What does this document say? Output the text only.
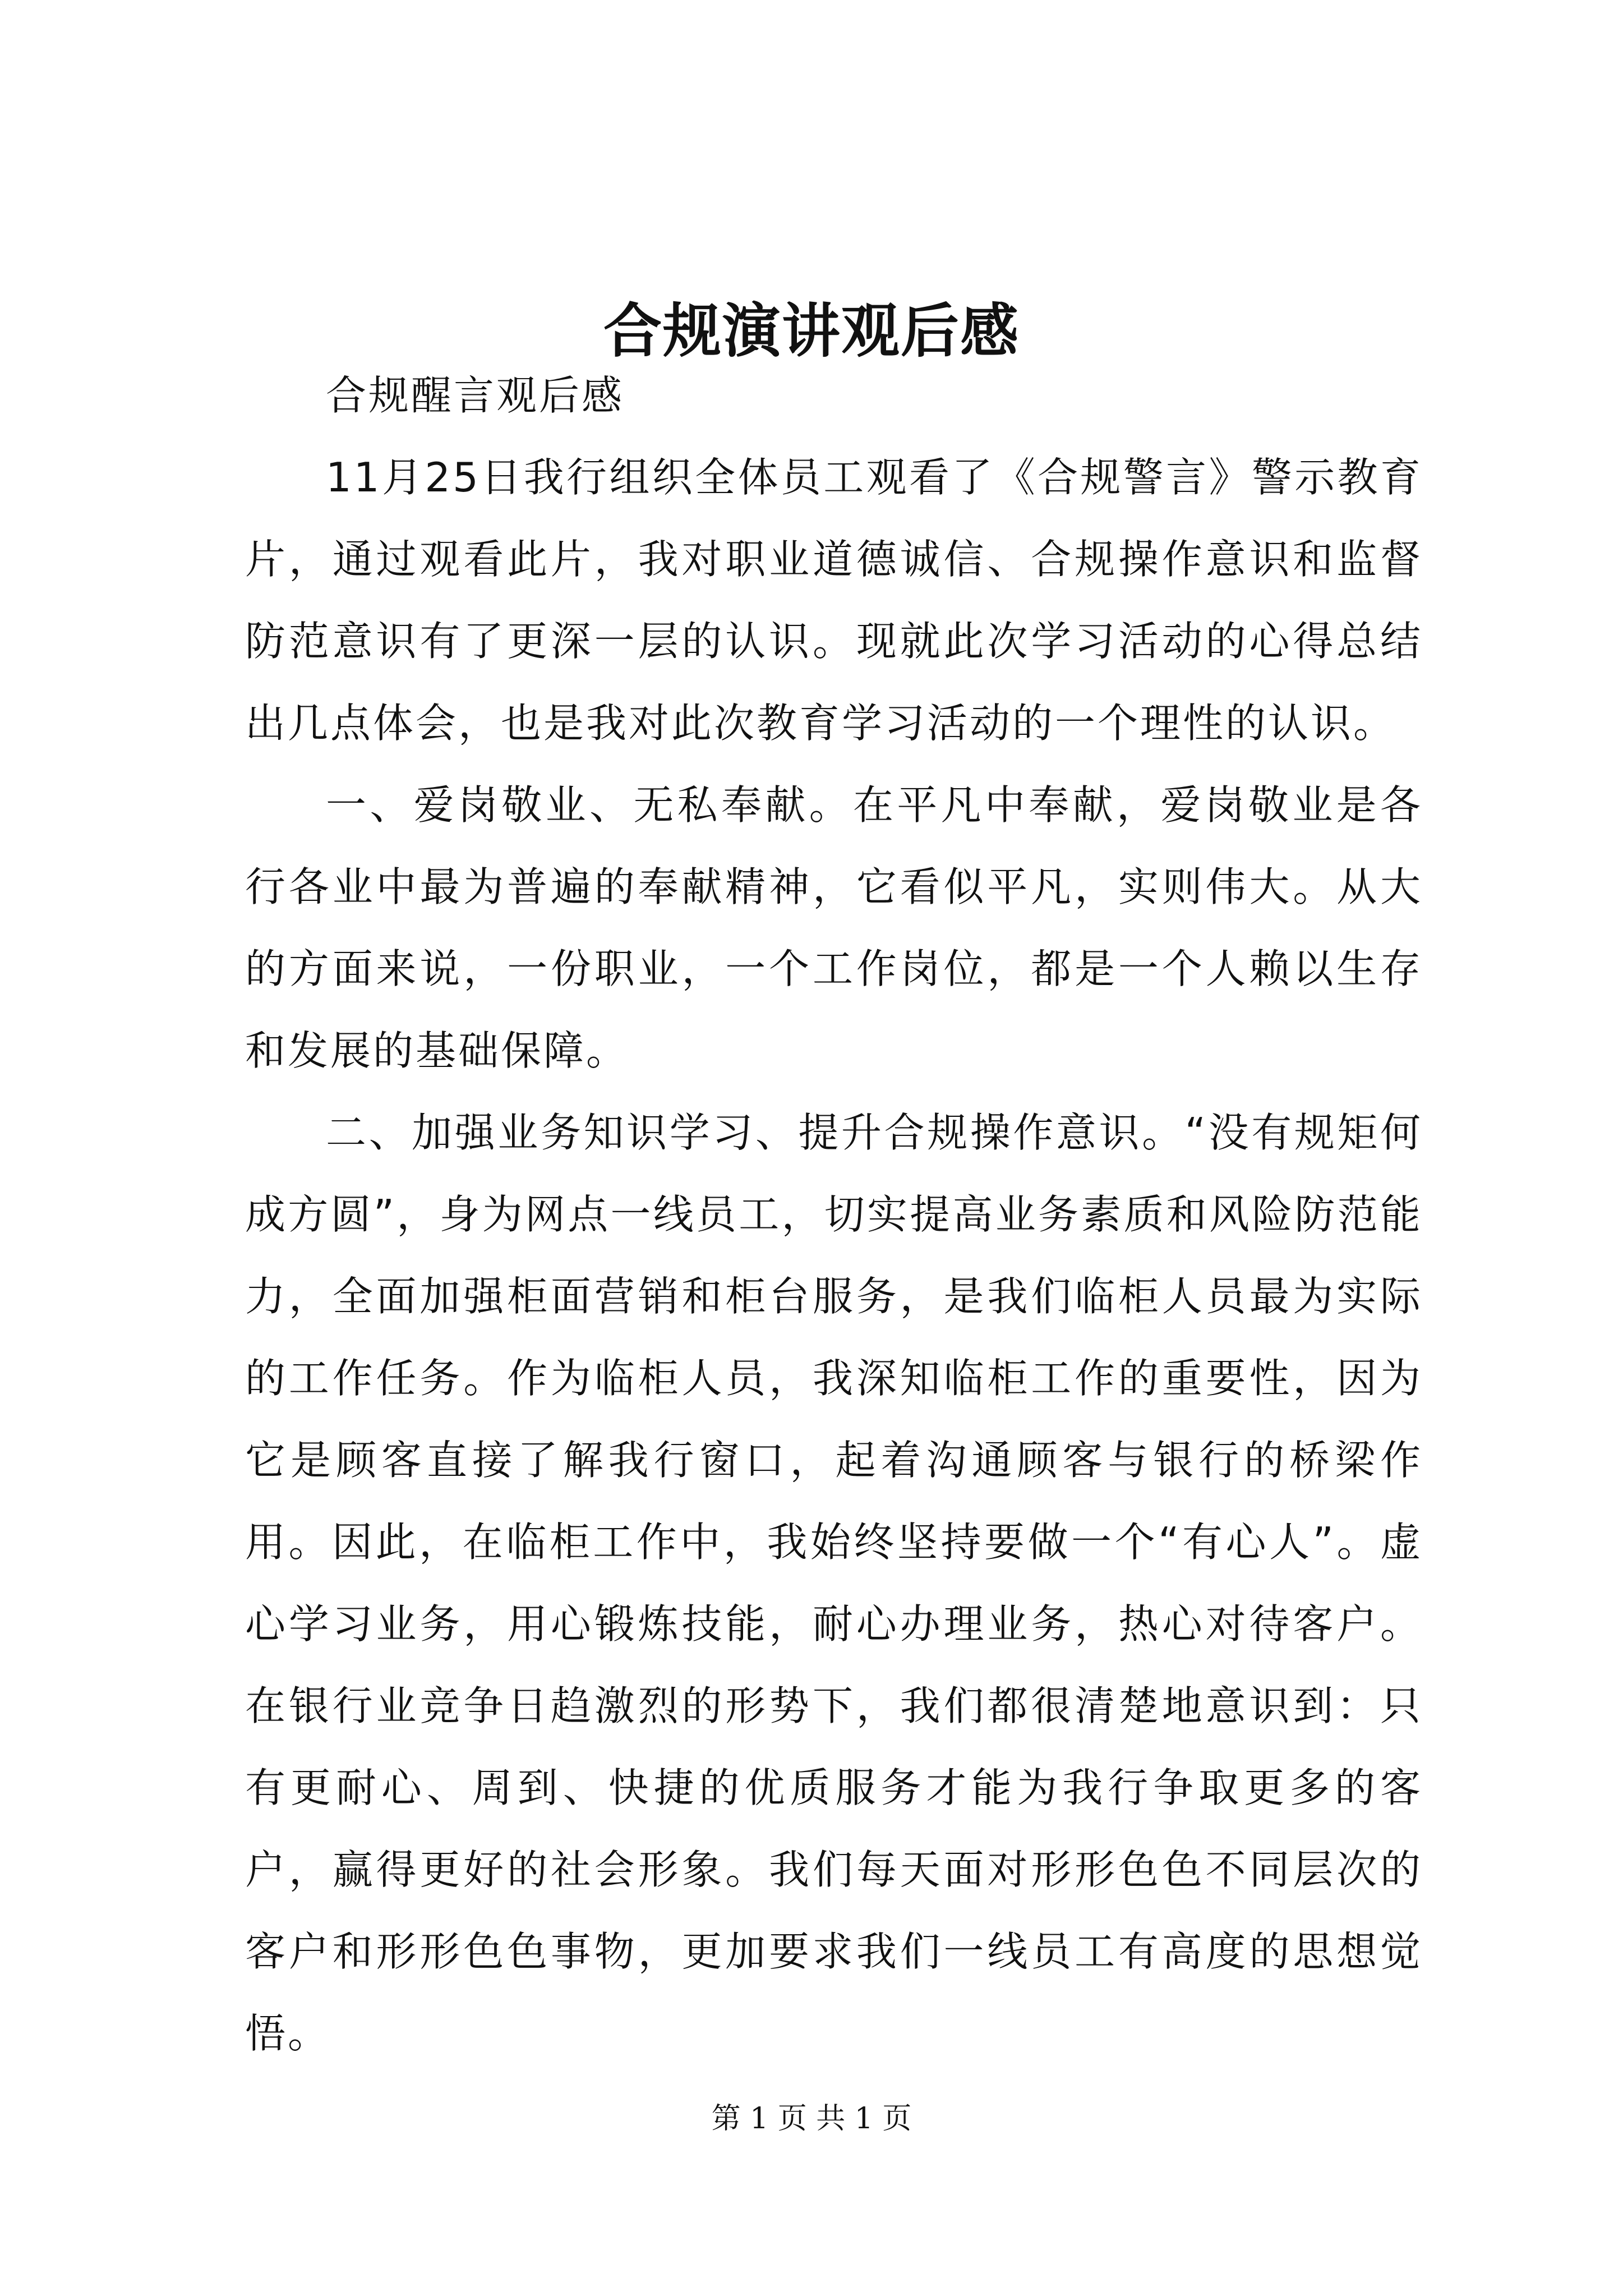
合规演讲观后感

合规醒言观后感

11月25日我行组织全体员工观看了《合规警言》警示教育片，通过观看此片，我对职业道德诚信、合规操作意识和监督防范意识有了更深一层的认识。现就此次学习活动的心得总结出几点体会，也是我对此次教育学习活动的一个理性的认识。

一、爱岗敬业、无私奉献。在平凡中奉献，爱岗敬业是各行各业中最为普遍的奉献精神，它看似平凡，实则伟大。从大的方面来说，一份职业，一个工作岗位，都是一个人赖以生存和发展的基础保障。

二、加强业务知识学习、提升合规操作意识。“没有规矩何成方圆”，身为网点一线员工，切实提高业务素质和风险防范能力，全面加强柜面营销和柜台服务，是我们临柜人员最为实际的工作任务。作为临柜人员，我深知临柜工作的重要性，因为它是顾客直接了解我行窗口，起着沟通顾客与银行的桥梁作用。因此，在临柜工作中，我始终坚持要做一个“有心人”。虚心学习业务，用心锻炼技能，耐心办理业务，热心对待客户。在银行业竞争日趋激烈的形势下，我们都很清楚地意识到：只有更耐心、周到、快捷的优质服务才能为我行争取更多的客户，赢得更好的社会形象。我们每天面对形形色色不同层次的客户和形形色色事物，更加要求我们一线员工有高度的思想觉悟。

第 1 页 共 1 页
